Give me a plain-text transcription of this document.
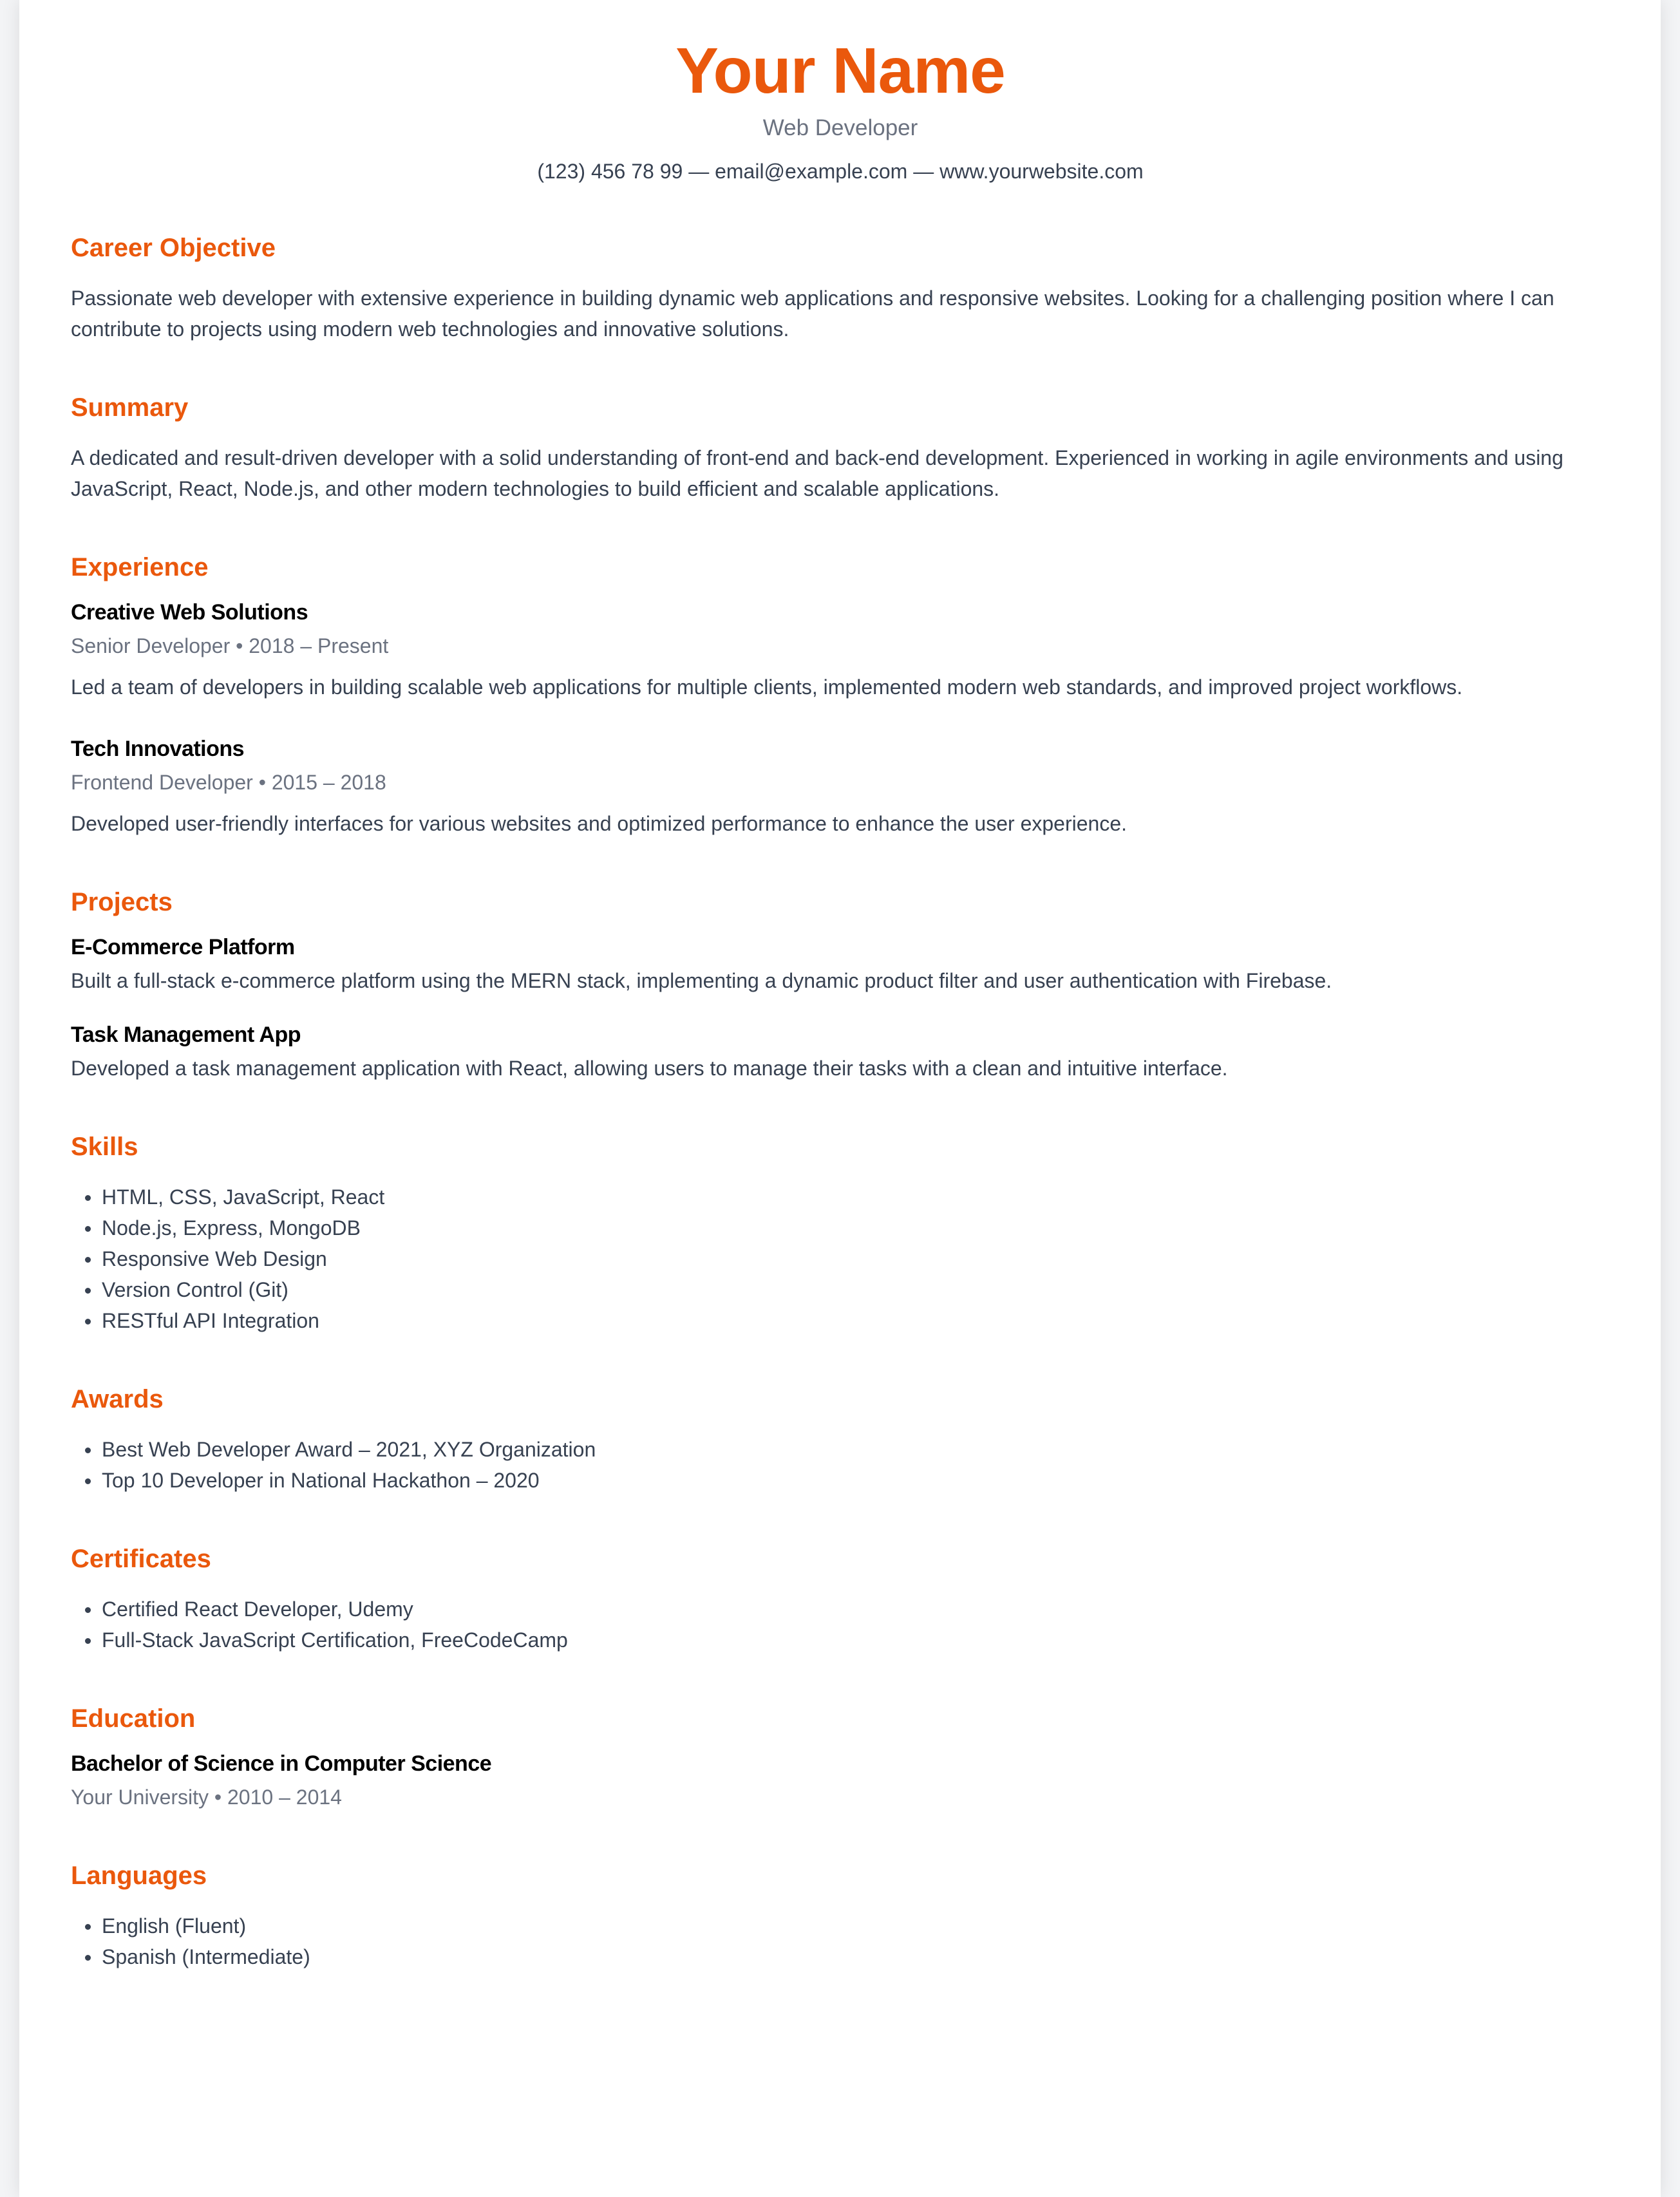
Your Name
Web Developer
(123) 456 78 99 — email@example.com — www.yourwebsite.com
Career Objective

Passionate web developer with extensive experience in building dynamic web applications and responsive websites. Looking for a challenging position where I can contribute to projects using modern web technologies and innovative solutions.

Summary

A dedicated and result-driven developer with a solid understanding of front-end and back-end development. Experienced in working in agile environments and using JavaScript, React, Node.js, and other modern technologies to build efficient and scalable applications.

Experience
Creative Web Solutions
Senior Developer • 2018 – Present

Led a team of developers in building scalable web applications for multiple clients, implemented modern web standards, and improved project workflows.

Tech Innovations
Frontend Developer • 2015 – 2018

Developed user-friendly interfaces for various websites and optimized performance to enhance the user experience.

Projects
E-Commerce Platform

Built a full-stack e-commerce platform using the MERN stack, implementing a dynamic product filter and user authentication with Firebase.

Task Management App

Developed a task management application with React, allowing users to manage their tasks with a clean and intuitive interface.

Skills
HTML, CSS, JavaScript, React
Node.js, Express, MongoDB
Responsive Web Design
Version Control (Git)
RESTful API Integration
Awards
Best Web Developer Award – 2021, XYZ Organization
Top 10 Developer in National Hackathon – 2020
Certificates
Certified React Developer, Udemy
Full-Stack JavaScript Certification, FreeCodeCamp
Education
Bachelor of Science in Computer Science
Your University • 2010 – 2014
Languages
English (Fluent)
Spanish (Intermediate)
